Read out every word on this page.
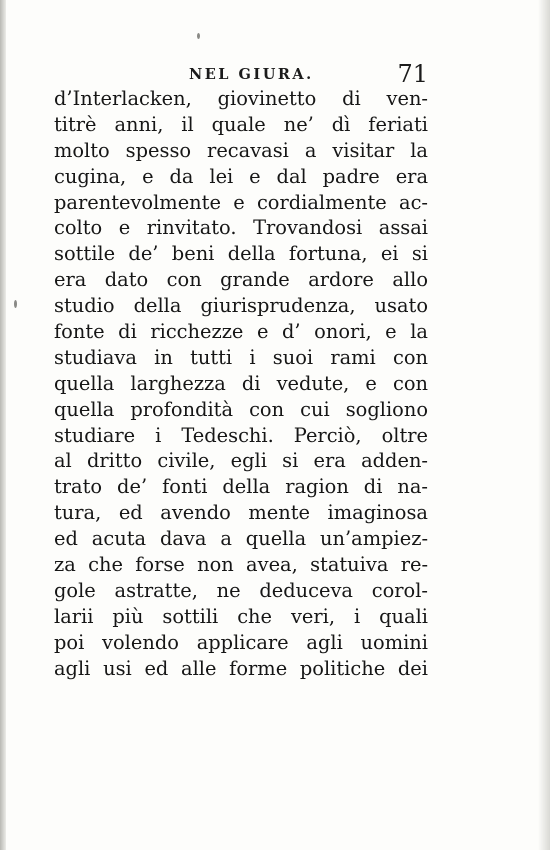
NEL GIURA.	71
d’Interlacken, giovinetto di ven-
titrè anni, il quale ne’ dì feriati
molto spesso recavasi a visitar la
cugina, e da lei e dal padre era
parentevolmente e cordialmente ac-
colto e rinvitato. Trovandosi assai
sottile de’ beni della fortuna, ei si
era dato con grande ardore allo
studio della giurisprudenza, usato
fonte di ricchezze e d’ onori, e la
studiava in tutti i suoi rami con
quella larghezza di vedute, e con
quella profondità con cui sogliono
studiare i Tedeschi. Perciò, oltre
al dritto civile, egli si era adden-
trato de’ fonti della ragion di na-
tura, ed avendo mente imaginosa
ed acuta dava a quella un’ampiez-
za che forse non avea, statuiva re-
gole astratte, ne deduceva corol-
larii più sottili che veri, i quali
poi volendo applicare agli uomini
agli usi ed alle forme politiche dei
